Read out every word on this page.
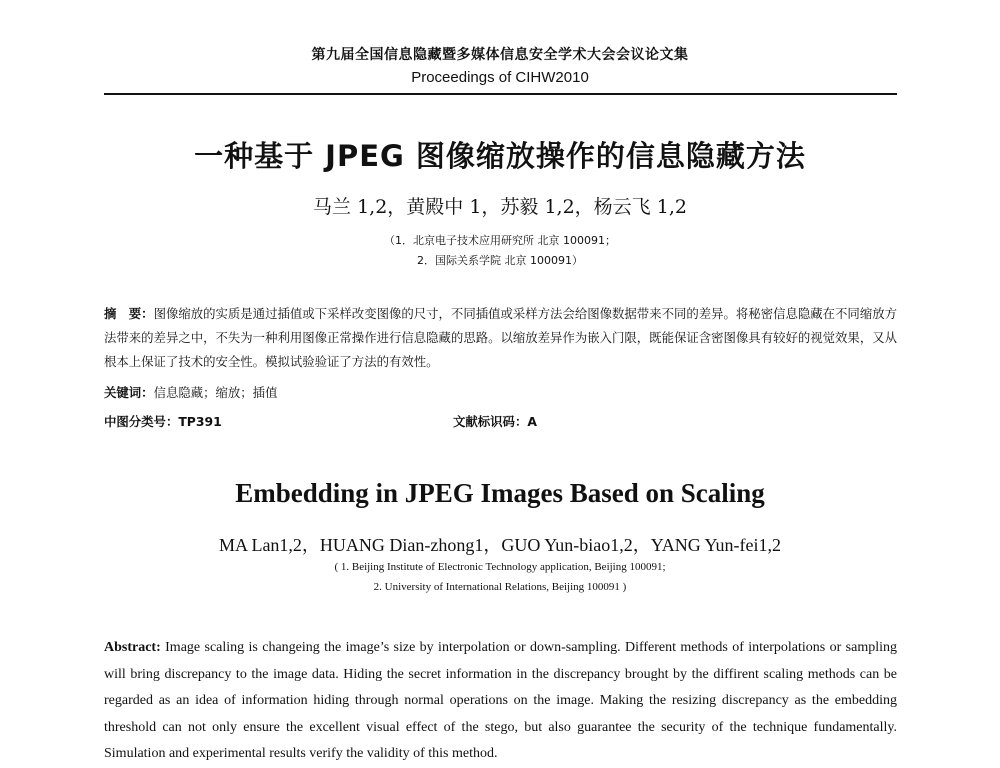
第九届全国信息隐藏暨多媒体信息安全学术大会会议论文集
Proceedings of CIHW2010
一种基于 JPEG 图像缩放操作的信息隐藏方法
马兰 1,2，黄殿中 1，苏毅 1,2，杨云飞 1,2
（1．北京电子技术应用研究所 北京 100091；
2．国际关系学院 北京 100091）
摘　要：图像缩放的实质是通过插值或下采样改变图像的尺寸，不同插值或采样方法会给图像数据带来不同的差异。将秘密信息隐藏在不同缩放方法带来的差异之中，不失为一种利用图像正常操作进行信息隐藏的思路。以缩放差异作为嵌入门限，既能保证含密图像具有较好的视觉效果，又从根本上保证了技术的安全性。模拟试验验证了方法的有效性。
关键词：信息隐藏；缩放；插值
中图分类号：TP391	文献标识码：A
Embedding in JPEG Images Based on Scaling
MA Lan1,2，HUANG Dian-zhong1，GUO Yun-biao1,2，YANG Yun-fei1,2
( 1. Beijing Institute of Electronic Technology application, Beijing 100091;
2. University of International Relations, Beijing 100091 )
Abstract: Image scaling is changeing the image’s size by interpolation or down-sampling. Different methods of interpolations or sampling will bring discrepancy to the image data. Hiding the secret information in the discrepancy brought by the diffirent scaling methods can be regarded as an idea of information hiding through normal operations on the image. Making the resizing discrepancy as the embedding threshold can not only ensure the excellent visual effect of the stego, but also guarantee the security of the technique fundamentally. Simulation and experimental results verify the validity of this method.
